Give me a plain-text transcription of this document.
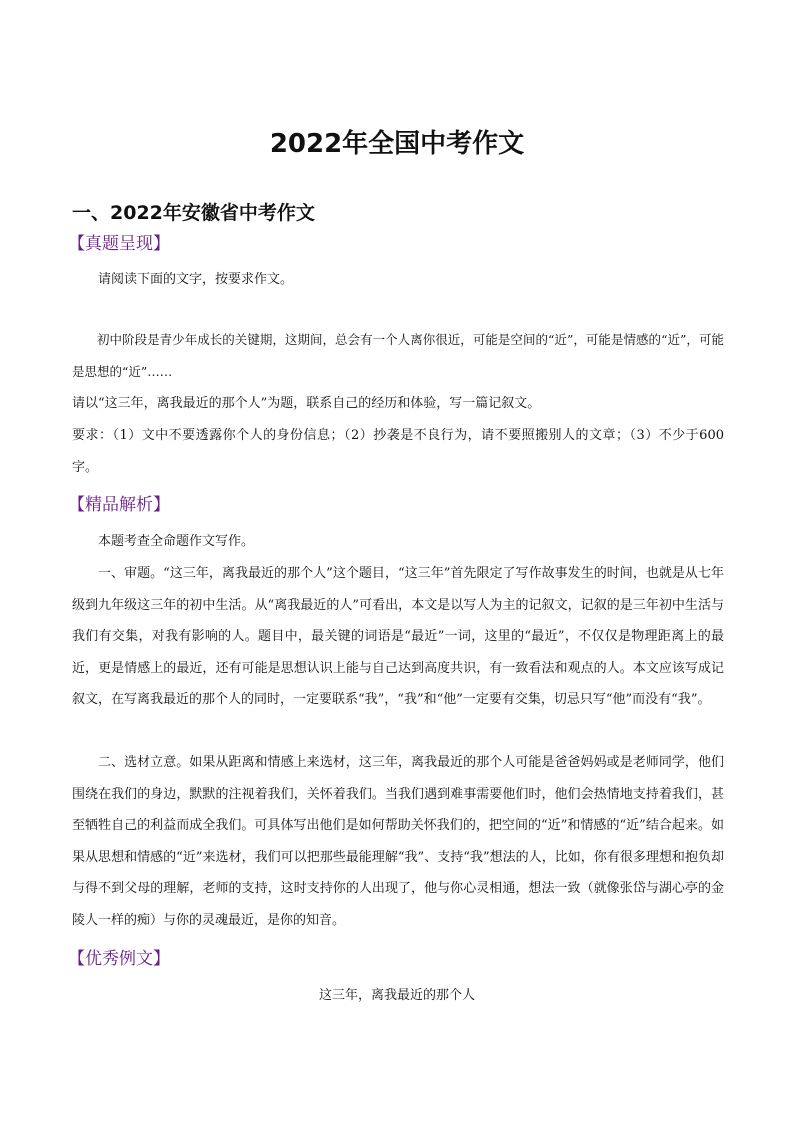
2022年全国中考作文
一、2022年安徽省中考作文
【真题呈现】

请阅读下面的文字，按要求作文。

初中阶段是青少年成长的关键期，这期间，总会有一个人离你很近，可能是空间的“近”，可能是情感的“近”，可能是思想的“近”……

请以“这三年，离我最近的那个人”为题，联系自己的经历和体验，写一篇记叙文。

要求：（1）文中不要透露你个人的身份信息；（2）抄袭是不良行为，请不要照搬别人的文章；（3）不少于600字。

【精品解析】

本题考查全命题作文写作。

一、审题。“这三年，离我最近的那个人”这个题目，“这三年”首先限定了写作故事发生的时间，也就是从七年级到九年级这三年的初中生活。从“离我最近的人”可看出，本文是以写人为主的记叙文，记叙的是三年初中生活与我们有交集，对我有影响的人。题目中，最关键的词语是“最近”一词，这里的“最近”，不仅仅是物理距离上的最近，更是情感上的最近，还有可能是思想认识上能与自己达到高度共识，有一致看法和观点的人。本文应该写成记叙文，在写离我最近的那个人的同时，一定要联系“我”，“我”和“他”一定要有交集，切忌只写“他”而没有“我”。

二、选材立意。如果从距离和情感上来选材，这三年，离我最近的那个人可能是爸爸妈妈或是老师同学，他们围绕在我们的身边，默默的注视着我们，关怀着我们。当我们遇到难事需要他们时，他们会热情地支持着我们，甚至牺牲自己的利益而成全我们。可具体写出他们是如何帮助关怀我们的，把空间的“近”和情感的“近”结合起来。如果从思想和情感的“近”来选材，我们可以把那些最能理解“我”、支持“我”想法的人，比如，你有很多理想和抱负却与得不到父母的理解，老师的支持，这时支持你的人出现了，他与你心灵相通，想法一致（就像张岱与湖心亭的金陵人一样的痴）与你的灵魂最近，是你的知音。

【优秀例文】

这三年，离我最近的那个人
